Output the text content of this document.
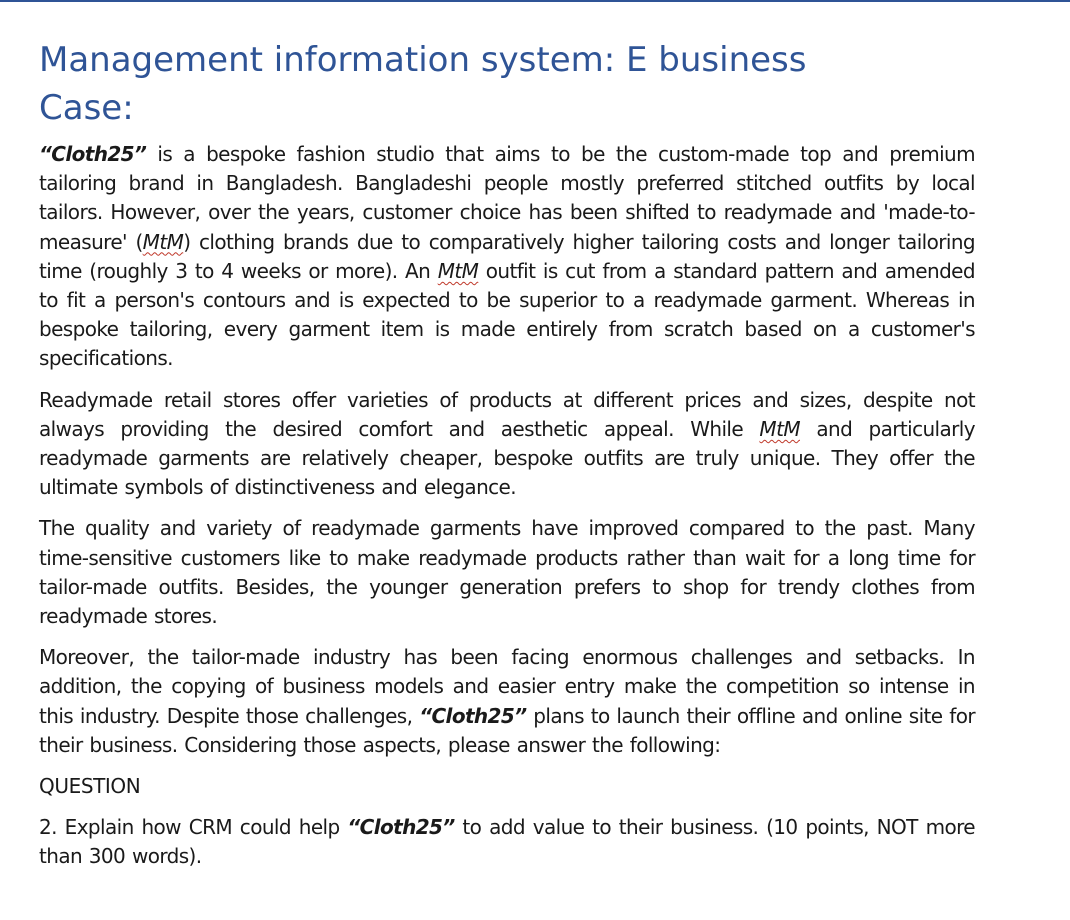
Management information system: E business
Case:

“Cloth25” is a bespoke fashion studio that aims to be the custom-made top and premium tailoring brand in Bangladesh. Bangladeshi people mostly preferred stitched outfits by local tailors. However, over the years, customer choice has been shifted to readymade and 'made-to-measure' (MtM) clothing brands due to comparatively higher tailoring costs and longer tailoring time (roughly 3 to 4 weeks or more). An MtM outfit is cut from a standard pattern and amended to fit a person's contours and is expected to be superior to a readymade garment. Whereas in bespoke tailoring, every garment item is made entirely from scratch based on a customer's specifications.

Readymade retail stores offer varieties of products at different prices and sizes, despite not always providing the desired comfort and aesthetic appeal. While MtM and particularly readymade garments are relatively cheaper, bespoke outfits are truly unique. They offer the ultimate symbols of distinctiveness and elegance.

The quality and variety of readymade garments have improved compared to the past. Many time-sensitive customers like to make readymade products rather than wait for a long time for tailor-made outfits. Besides, the younger generation prefers to shop for trendy clothes from readymade stores.

Moreover, the tailor-made industry has been facing enormous challenges and setbacks. In addition, the copying of business models and easier entry make the competition so intense in this industry. Despite those challenges, “Cloth25” plans to launch their offline and online site for their business. Considering those aspects, please answer the following:

QUESTION

2. Explain how CRM could help “Cloth25” to add value to their business. (10 points, NOT more than 300 words).
